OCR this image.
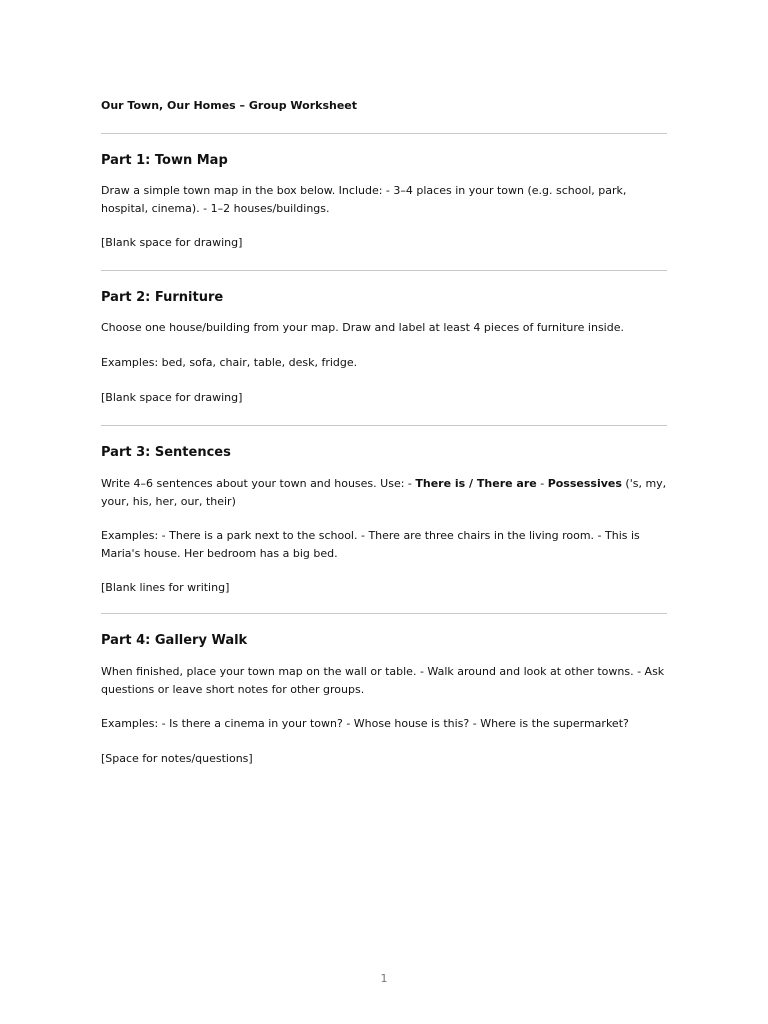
Our Town, Our Homes – Group Worksheet
Part 1: Town Map

Draw a simple town map in the box below. Include: - 3–4 places in your town (e.g. school, park, hospital, cinema). - 1–2 houses/buildings.

[Blank space for drawing]

Part 2: Furniture

Choose one house/building from your map. Draw and label at least 4 pieces of furniture inside.

Examples: bed, sofa, chair, table, desk, fridge.

[Blank space for drawing]

Part 3: Sentences

Write 4–6 sentences about your town and houses. Use: - There is / There are - Possessives ('s, my, your, his, her, our, their)

Examples: - There is a park next to the school. - There are three chairs in the living room. - This is Maria's house. Her bedroom has a big bed.

[Blank lines for writing]

Part 4: Gallery Walk

When finished, place your town map on the wall or table. - Walk around and look at other towns. - Ask questions or leave short notes for other groups.

Examples: - Is there a cinema in your town? - Whose house is this? - Where is the supermarket?

[Space for notes/questions]

1
